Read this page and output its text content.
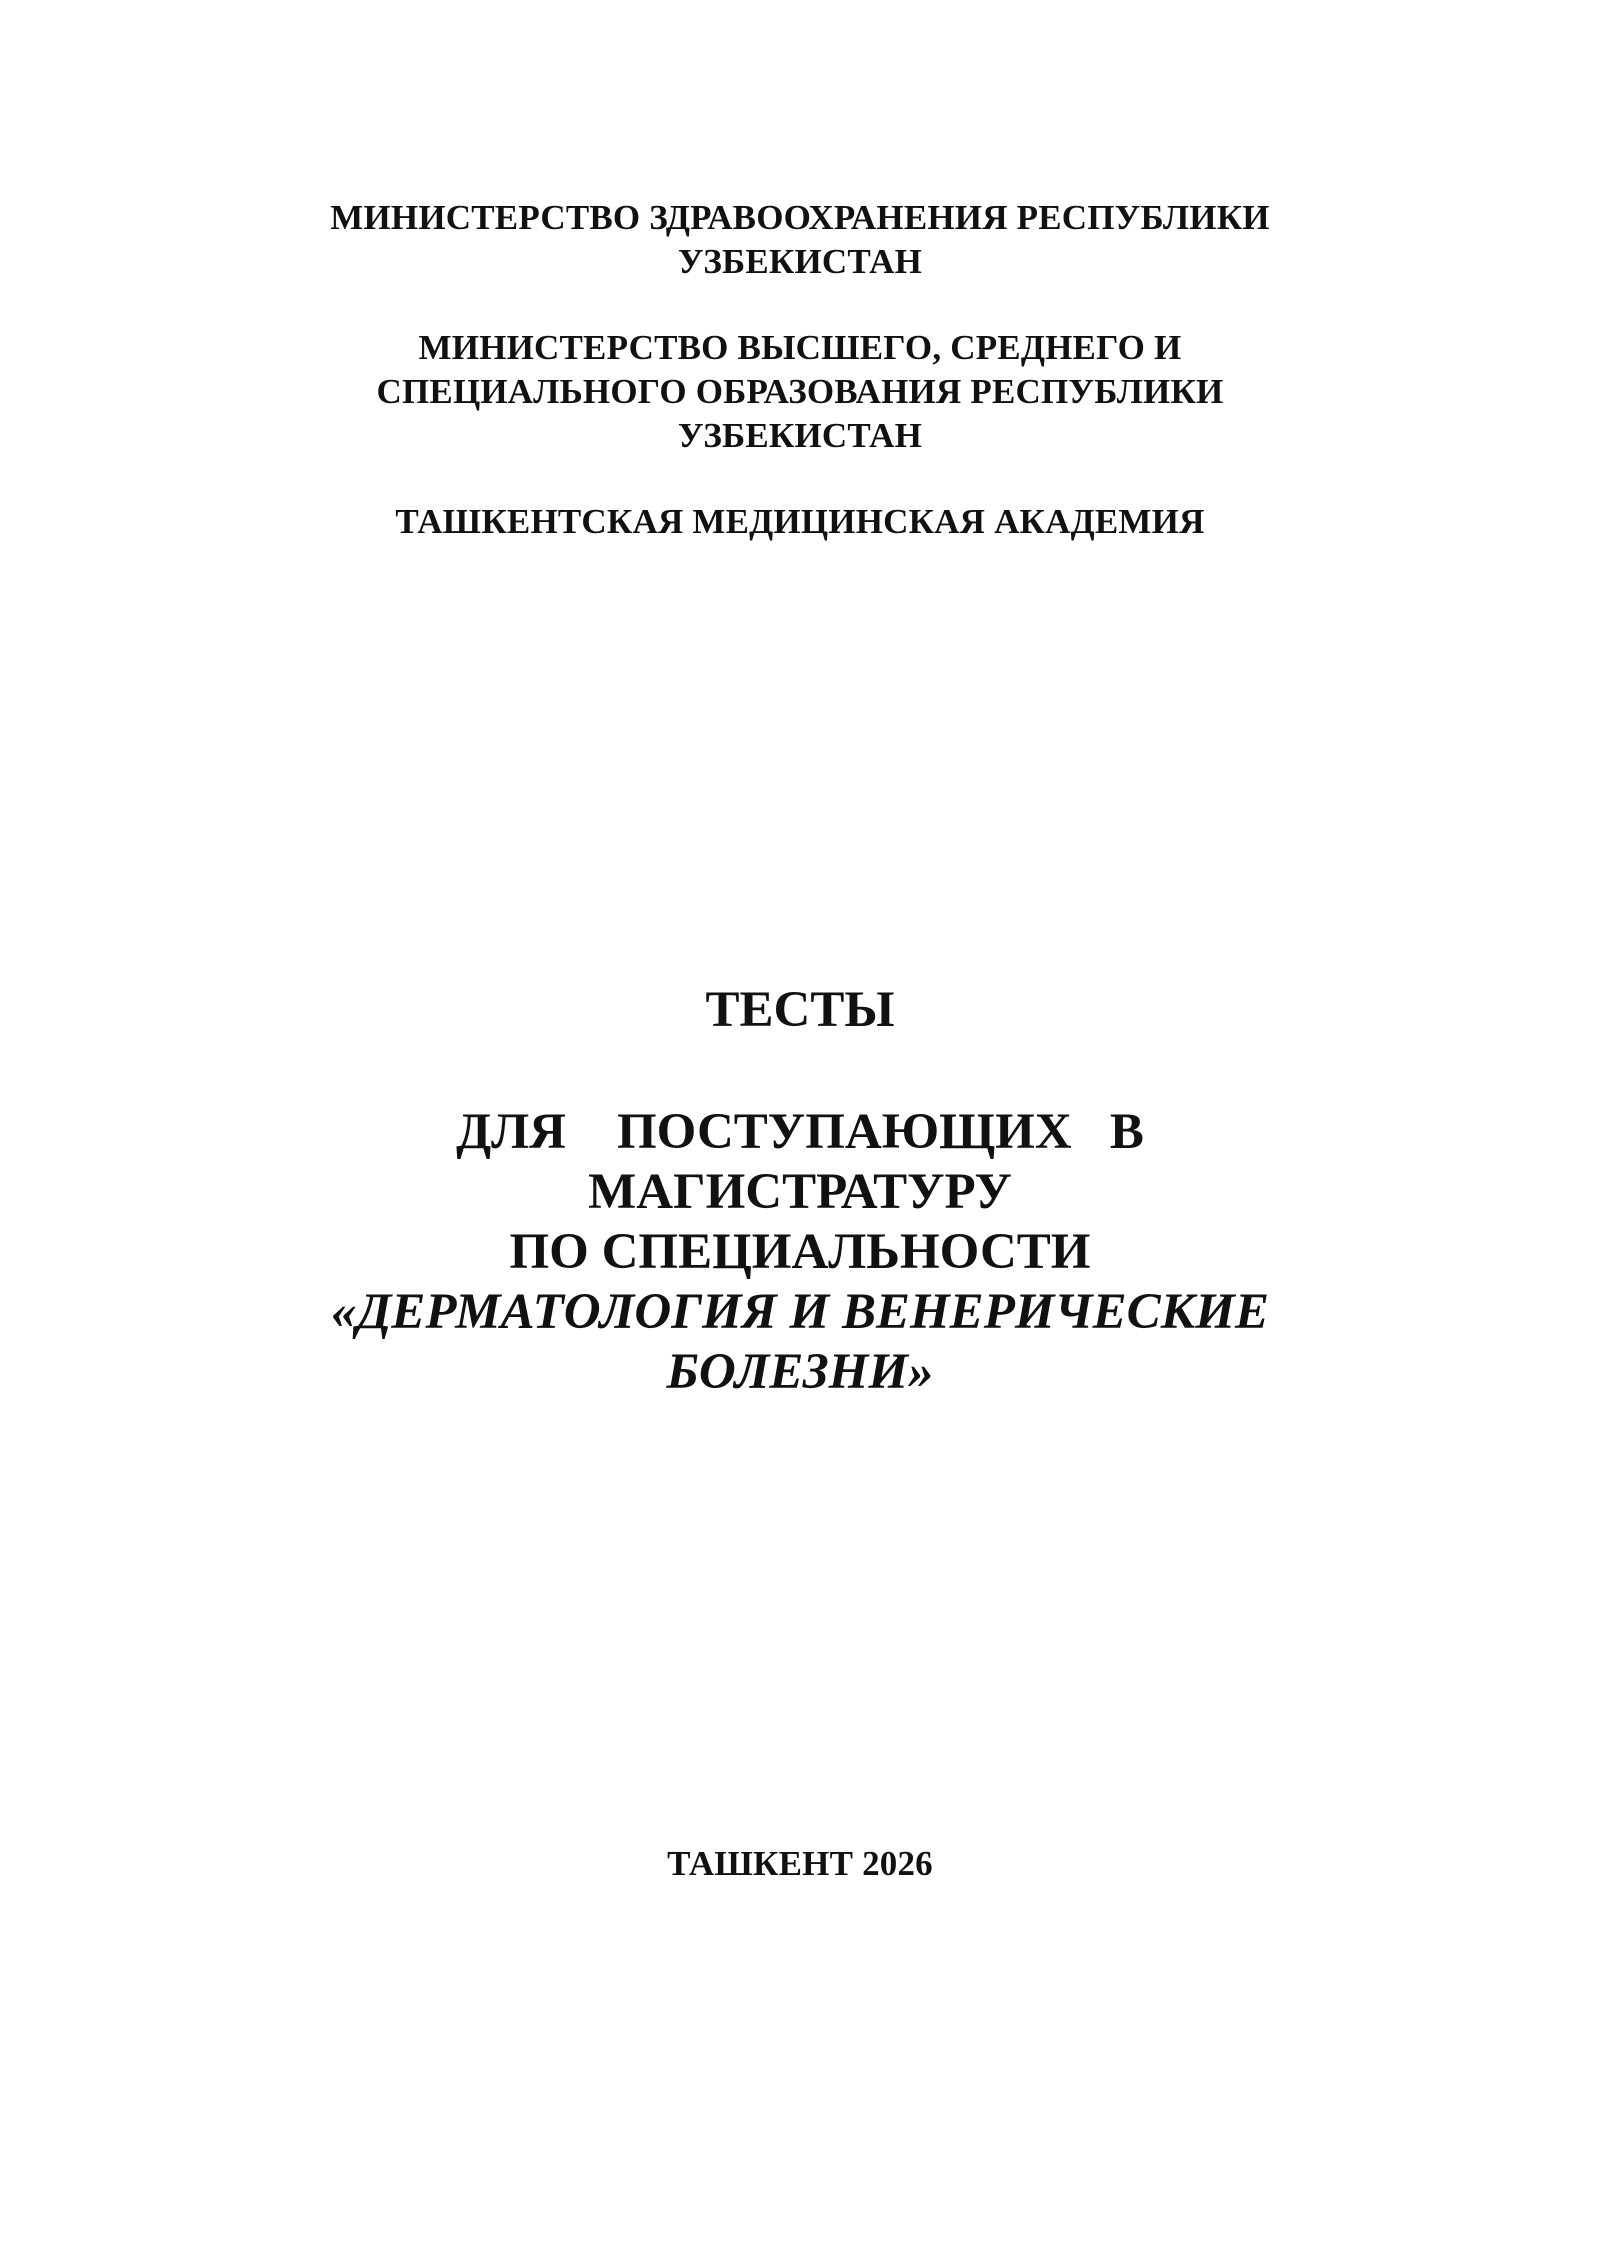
МИНИСТЕРСТВО ЗДРАВООХРАНЕНИЯ РЕСПУБЛИКИ
УЗБЕКИСТАН
МИНИСТЕРСТВО ВЫСШЕГО, СРЕДНЕГО И
СПЕЦИАЛЬНОГО ОБРАЗОВАНИЯ РЕСПУБЛИКИ
УЗБЕКИСТАН
ТАШКЕНТСКАЯ МЕДИЦИНСКАЯ АКАДЕМИЯ
ТЕСТЫ
ДЛЯ    ПОСТУПАЮЩИХ   В
МАГИСТРАТУРУ
ПО СПЕЦИАЛЬНОСТИ
«ДЕРМАТОЛОГИЯ И ВЕНЕРИЧЕСКИЕ
БОЛЕЗНИ»
ТАШКЕНТ 2026
